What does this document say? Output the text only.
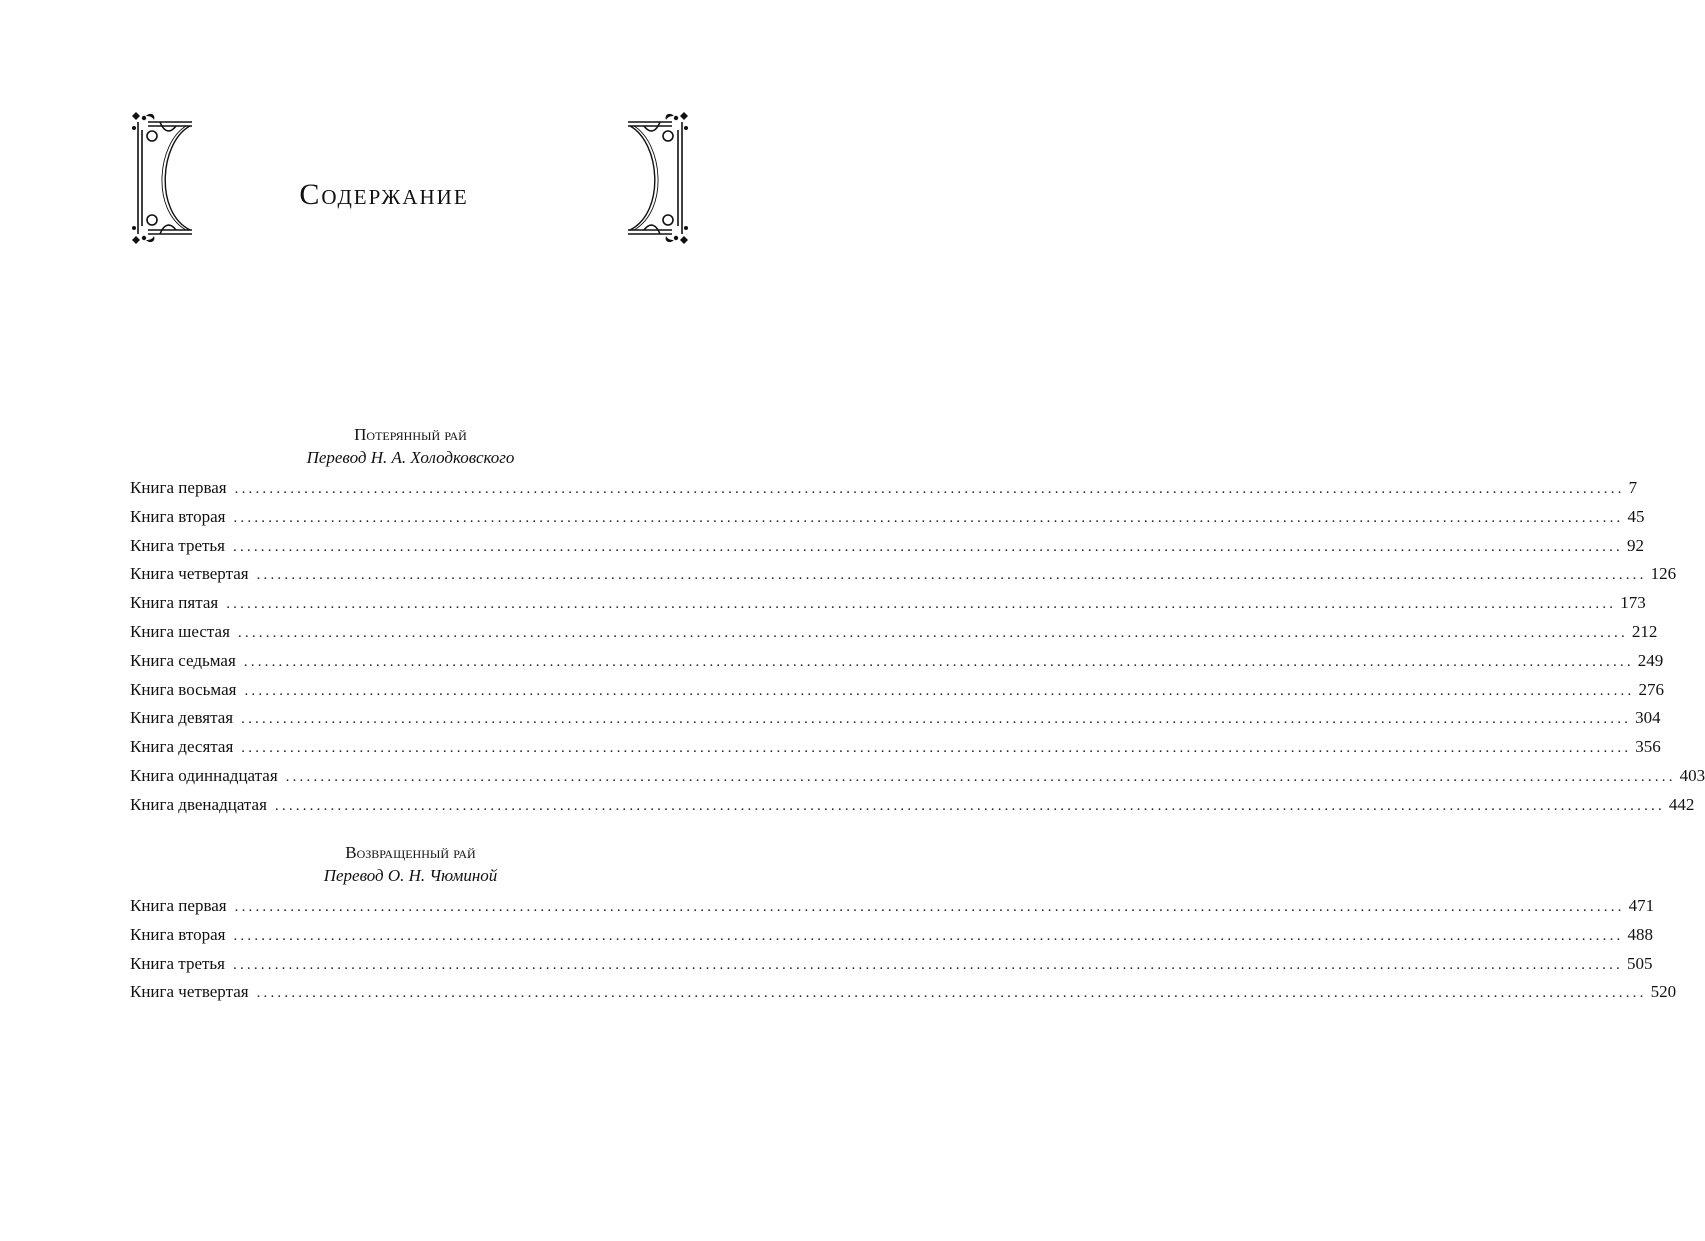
Содержание
Потерянный рай
Перевод Н. А. Холодковского
Книга первая ........................................................................................................................................................................................................ 7
Книга вторая ........................................................................................................................................................................................................ 45
Книга третья ........................................................................................................................................................................................................ 92
Книга четвертая ........................................................................................................................................................................................................ 126
Книга пятая ........................................................................................................................................................................................................ 173
Книга шестая ........................................................................................................................................................................................................ 212
Книга седьмая ........................................................................................................................................................................................................ 249
Книга восьмая ........................................................................................................................................................................................................ 276
Книга девятая ........................................................................................................................................................................................................ 304
Книга десятая ........................................................................................................................................................................................................ 356
Книга одиннадцатая ........................................................................................................................................................................................................ 403
Книга двенадцатая ........................................................................................................................................................................................................ 442
Возвращенный рай
Перевод О. Н. Чюминой
Книга первая ........................................................................................................................................................................................................ 471
Книга вторая ........................................................................................................................................................................................................ 488
Книга третья ........................................................................................................................................................................................................ 505
Книга четвертая ........................................................................................................................................................................................................ 520
